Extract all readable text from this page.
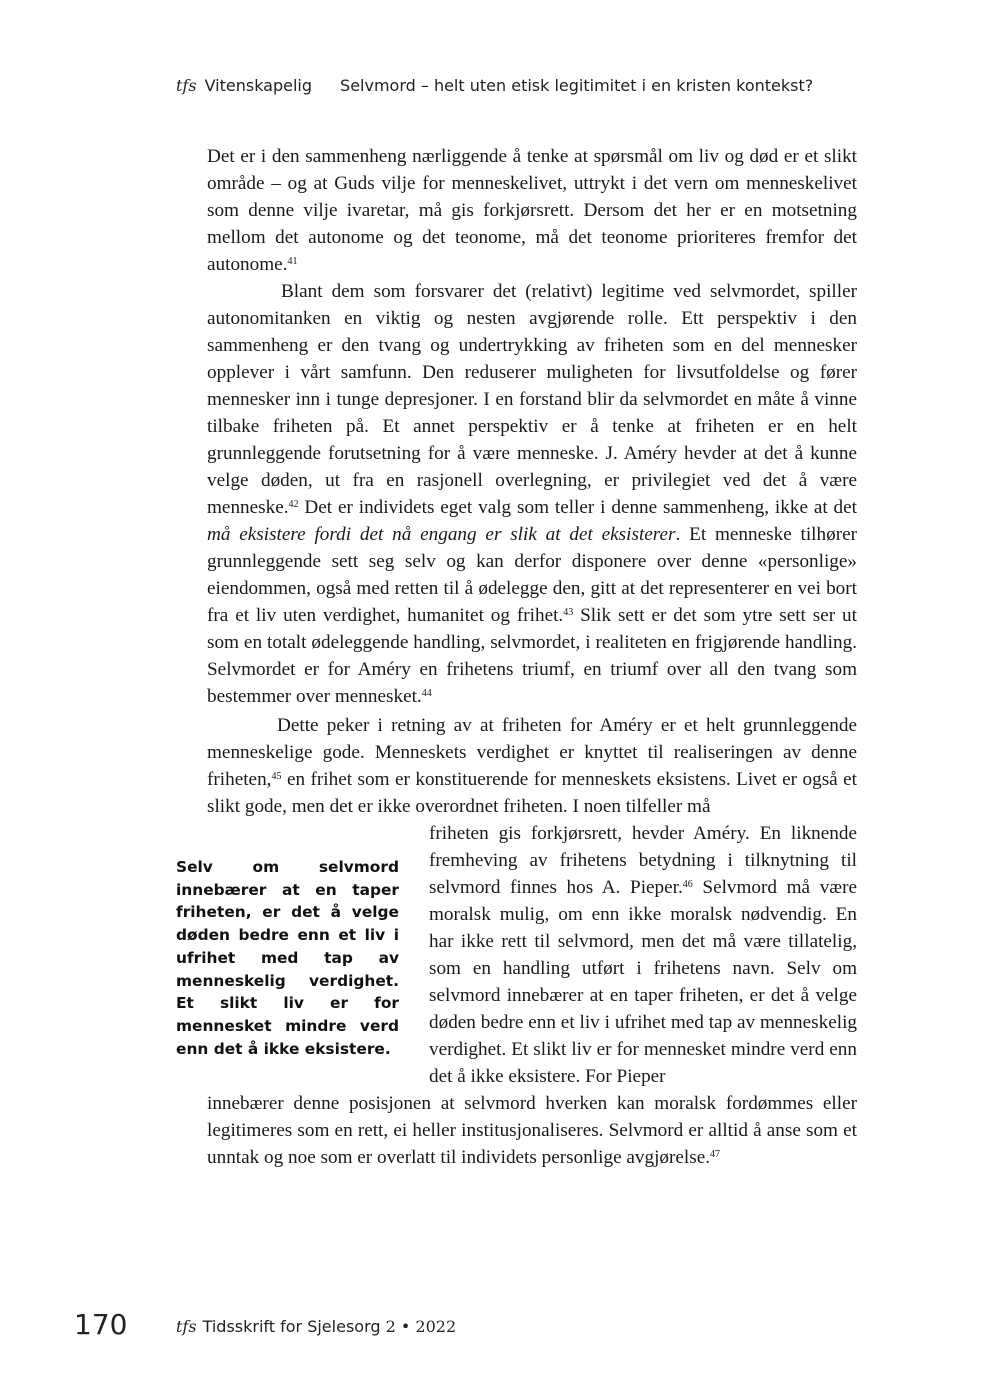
tfs Vitenskapelig Selvmord – helt uten etisk legitimitet i en kristen kontekst?

Det er i den sammenheng nærliggende å tenke at spørsmål om liv og død er et slikt område – og at Guds vilje for menneskelivet, uttrykt i det vern om menneskelivet som denne vilje ivaretar, må gis forkjørsrett. Dersom det her er en motsetning mellom det autonome og det teonome, må det teonome prioriteres fremfor det autonome.$^{41}$

Blant dem som forsvarer det (relativt) legitime ved selvmordet, spiller autonomitanken en viktig og nesten avgjørende rolle. Ett perspektiv i den sammenheng er den tvang og undertrykking av friheten som en del mennesker opplever i vårt samfunn. Den reduserer muligheten for livsutfoldelse og fører mennesker inn i tunge depresjoner. I en forstand blir da selvmordet en måte å vinne tilbake friheten på. Et annet perspektiv er å tenke at friheten er en helt grunnleggende forutsetning for å være menneske. J. Améry hevder at det å kunne velge døden, ut fra en rasjonell overlegning, er privilegiet ved det å være menneske.$^{42}$ Det er individets eget valg som teller i denne sammenheng, ikke at det må eksistere fordi det nå engang er slik at det eksisterer. Et menneske tilhører grunnleggende sett seg selv og kan derfor disponere over denne «personlige» eiendommen, også med retten til å ødelegge den, gitt at det representerer en vei bort fra et liv uten verdighet, humanitet og frihet.$^{43}$ Slik sett er det som ytre sett ser ut som en totalt ødeleggende handling, selvmordet, i realiteten en frigjørende handling. Selvmordet er for Améry en frihetens triumf, en triumf over all den tvang som bestemmer over mennesket.$^{44}$

Dette peker i retning av at friheten for Améry er et helt grunnleggende menneskelige gode. Menneskets verdighet er knyttet til realiseringen av denne friheten,$^{45}$ en frihet som er konstituerende for menneskets eksistens. Livet er også et slikt gode, men det er ikke overordnet friheten. I noen tilfeller må

friheten gis forkjørsrett, hevder Améry. En liknende fremheving av frihetens betydning i tilknytning til selvmord finnes hos A. Pieper.$^{46}$ Selvmord må være moralsk mulig, om enn ikke moralsk nødvendig. En har ikke rett til selvmord, men det må være tillatelig, som en handling utført i frihetens navn. Selv om selvmord innebærer at en taper friheten, er det å velge døden bedre enn et liv i ufrihet med tap av menneskelig verdighet. Et slikt liv er for mennesket mindre verd enn det å ikke eksistere. For Pieper

innebærer denne posisjonen at selvmord hverken kan moralsk fordømmes eller legitimeres som en rett, ei heller institusjonaliseres. Selvmord er alltid å anse som et unntak og noe som er overlatt til individets personlige avgjørelse.$^{47}$

Selv om selvmord innebærer at en taper friheten, er det å velge døden bedre enn et liv i ufrihet med tap av menneskelig verdighet. Et slikt liv er for mennesket mindre verd enn det å ikke eksistere.
170	tfs Tidsskrift for Sjelesorg 2 • 2022
